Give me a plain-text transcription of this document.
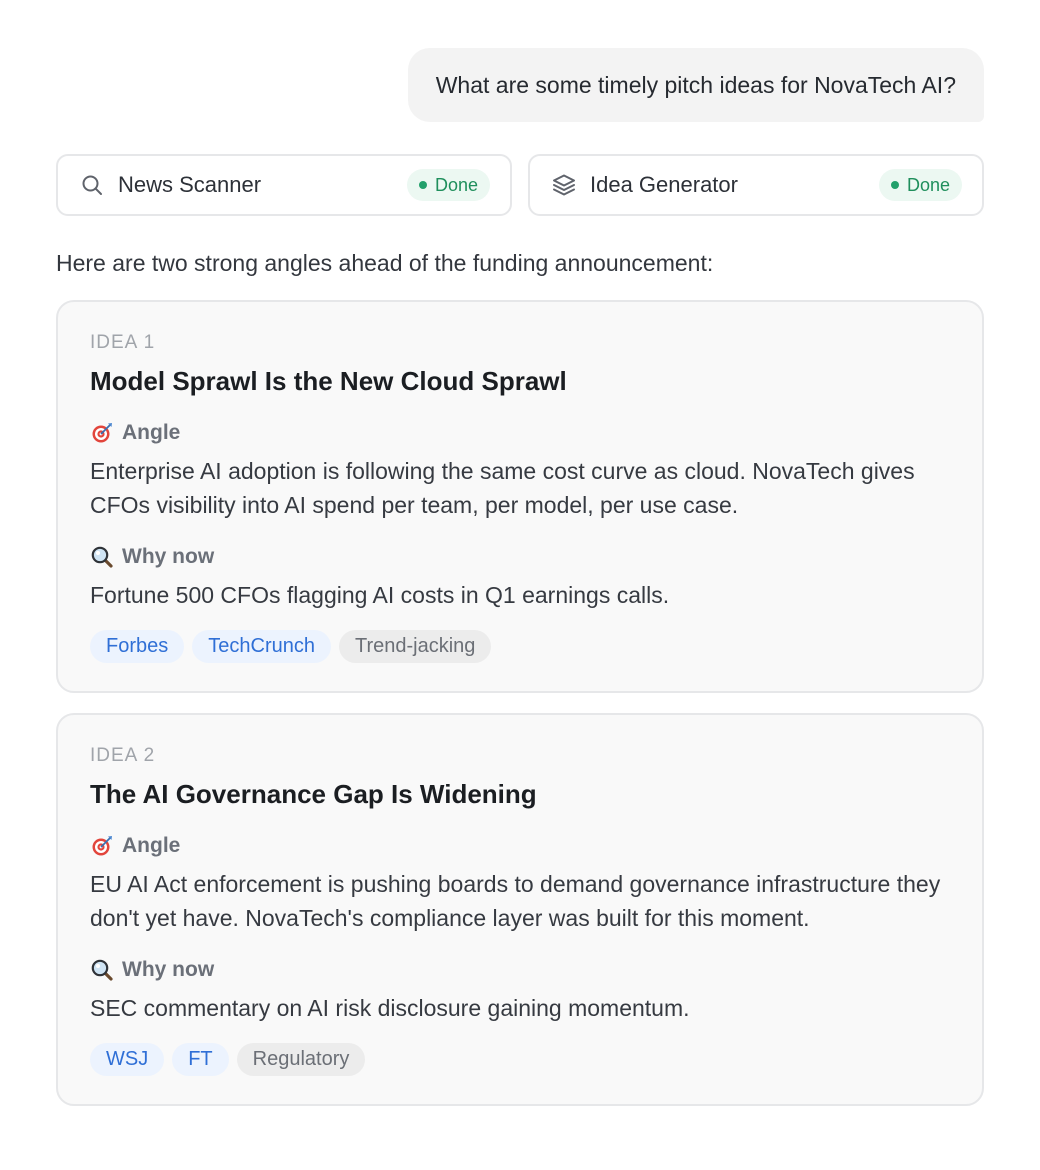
What are some timely pitch ideas for NovaTech AI?
News Scanner	Done	Idea Generator	Done
Here are two strong angles ahead of the funding announcement:
IDEA 1
Model Sprawl Is the New Cloud Sprawl
Angle
Enterprise AI adoption is following the same cost curve as cloud. NovaTech gives CFOs visibility into AI spend per team, per model, per use case.
Why now
Fortune 500 CFOs flagging AI costs in Q1 earnings calls.
Forbes	TechCrunch	Trend-jacking
IDEA 2
The AI Governance Gap Is Widening
Angle
EU AI Act enforcement is pushing boards to demand governance infrastructure they don't yet have. NovaTech's compliance layer was built for this moment.
Why now
SEC commentary on AI risk disclosure gaining momentum.
WSJ	FT	Regulatory
